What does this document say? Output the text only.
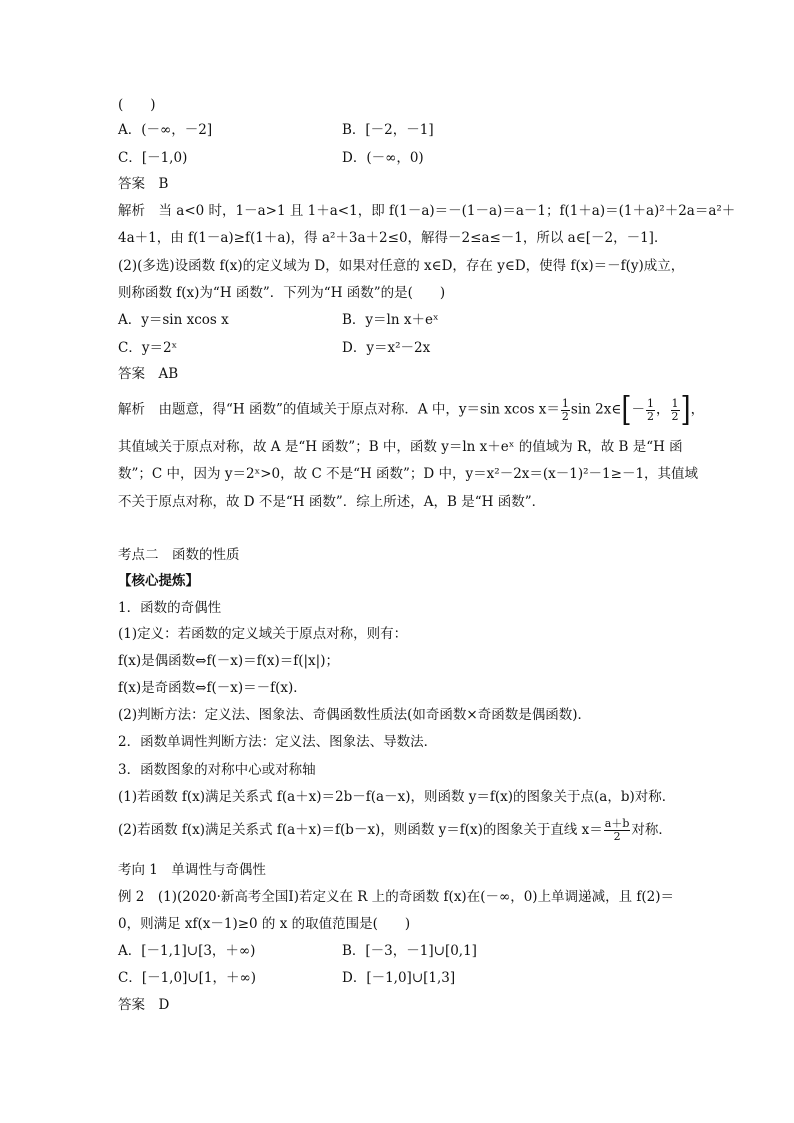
(　　)
A．(－∞，－2]	B．[－2，－1]
C．[－1,0)	D．(－∞，0)
答案　B
解析　当 a<0 时，1－a>1 且 1＋a<1，即 f(1－a)＝－(1－a)＝a－1；f(1＋a)＝(1＋a)²＋2a＝a²＋
4a＋1，由 f(1－a)≥f(1＋a)，得 a²＋3a＋2≤0，解得－2≤a≤－1，所以 a∈[－2，－1]．
(2)(多选)设函数 f(x)的定义域为 D，如果对任意的 x∈D，存在 y∈D，使得 f(x)＝－f(y)成立，
则称函数 f(x)为“H 函数”．下列为“H 函数”的是(　　)
A．y＝sin xcos x	B．y＝ln x＋eˣ
C．y＝2ˣ	D．y＝x²－2x
答案　AB
解析　由题意，得“H 函数”的值域关于原点对称．A 中，y＝sin xcos $x= \frac{1}{2}$ sin 2x∈[－ $\frac{1}{2}$ ， $\frac{1}{2}$ ]，
其值域关于原点对称，故 A 是“H 函数”；B 中，函数 y＝ln x＋eˣ 的值域为 R，故 B 是“H 函
数”；C 中，因为 y＝2ˣ>0，故 C 不是“H 函数”；D 中，y＝x²－2x＝(x－1)²－1≥－1，其值域
不关于原点对称，故 D 不是“H 函数”．综上所述，A，B 是“H 函数”．
考点二　函数的性质
【核心提炼】
1．函数的奇偶性
(1)定义：若函数的定义域关于原点对称，则有：
f(x)是偶函数⇔f(－x)＝f(x)＝f(|x|)；
f(x)是奇函数⇔f(－x)＝－f(x)．
(2)判断方法：定义法、图象法、奇偶函数性质法(如奇函数×奇函数是偶函数)．
2．函数单调性判断方法：定义法、图象法、导数法．
3．函数图象的对称中心或对称轴
(1)若函数 f(x)满足关系式 f(a＋x)＝2b－f(a－x)，则函数 y＝f(x)的图象关于点(a，b)对称．
(2)若函数 f(x)满足关系式 f(a＋x)＝f(b－x)，则函数 y＝f(x)的图象关于直线 $x= \frac{a+b}{2}$ 对称．
考向 1　单调性与奇偶性
例 2　(1)(2020·新高考全国Ⅰ)若定义在 R 上的奇函数 f(x)在(－∞，0)上单调递减，且 f(2)＝
0，则满足 xf(x－1)≥0 的 x 的取值范围是(　　)
A．[－1,1]∪[3，＋∞)	B．[－3，－1]∪[0,1]
C．[－1,0]∪[1，＋∞)	D．[－1,0]∪[1,3]
答案　D
